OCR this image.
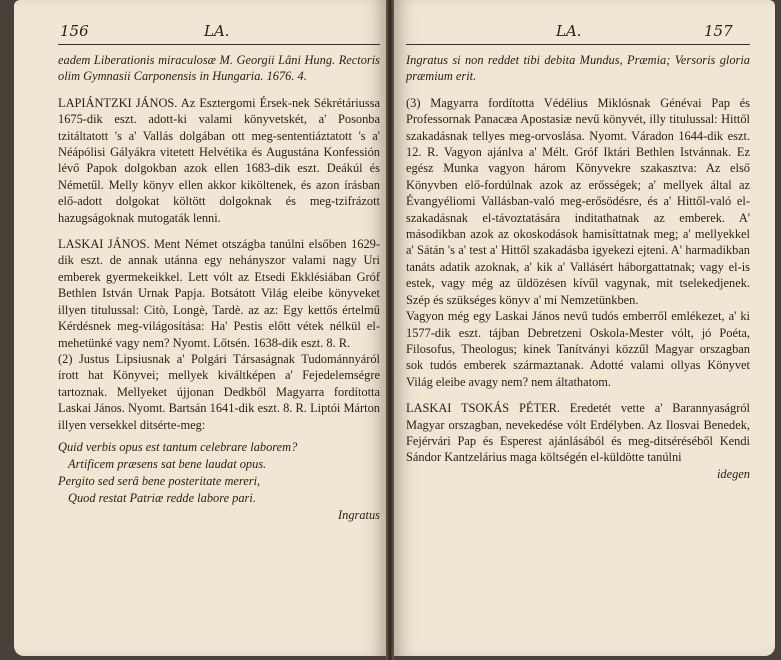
156	LA.

eadem Liberationis miraculosæ M. Georgii Lâni Hung. Rectoris olim Gymnasii Carponensis in Hungaria. 1676. 4.

LAPIÁNTZKI JÁNOS. Az Esztergomi Érsek-nek Sékrétáriussa 1675-dik eszt. adott-ki valami könyvetskét, a' Posonba tzitáltatott 's a' Vallás dolgában ott meg-sententiáztatott 's a' Néápólisi Gályákra vitetett Helvétika és Augustána Konfessión lévő Papok dolgokban azok ellen 1683-dik eszt. Deákúl és Németűl. Melly könyv ellen akkor kiköltenek, és azon írásban elő-adott dolgokat költött dolgoknak és meg-tzifrázott hazugságoknak mutogaták lenni.

LASKAI JÁNOS. Ment Német otszágba tanúlni elsőben 1629-dik eszt. de annak utánna egy nehányszor valami nagy Uri emberek gyermekeikkel. Lett vólt az Etsedi Ekklésiában Gróf Bethlen István Urnak Papja. Botsátott Világ eleibe könyveket illyen titulussal: Citò, Longè, Tardè. az az: Egy kettős értelmű Kérdésnek meg-világosítása: Ha' Pestis előtt vétek nélkül el-mehetünké vagy nem? Nyomt. Lőtsén. 1638-dik eszt. 8. R.

(2) Justus Lipsiusnak a' Polgári Társaságnak Tudománnyáról írott hat Könyvei; mellyek kiváltképen a' Fejedelemségre tartoznak. Mellyeket újjonan Dedkből Magyarra fordította Laskai János. Nyomt. Bartsán 1641-dik eszt. 8. R. Liptói Márton illyen versekkel ditsérte-meg:

Quid verbis opus est tantum celebrare laborem?

Artificem præsens sat bene laudat opus.

Pergito sed serâ bene posteritate mereri,

Quod restat Patriæ redde labore pari.

Ingratus

LA.	157

Ingratus si non reddet tibi debita Mundus, Præmia; Versoris gloria præmium erit.

(3) Magyarra fordította Védélius Miklósnak Génévai Pap és Professornak Panacæa Apostasiæ nevű könyvét, illy titulussal: Hittől szakadásnak tellyes meg-orvoslása. Nyomt. Váradon 1644-dik eszt. 12. R. Vagyon ajánlva a' Mélt. Gróf Iktári Bethlen Istvánnak. Ez egész Munka vagyon három Könyvekre szakasztva: Az első Könyvben elő-fordúlnak azok az erősségek; a' mellyek által az Évangyéliomi Vallásban-való meg-erősödésre, és a' Hittől-való el-szakadásnak el-távoztatására inditathatnak az emberek. A' másodikban azok az okoskodások hamisíttatnak meg; a' mellyekkel a' Sátán 's a' test a' Hittől szakadásba igyekezi ejteni. A' harmadikban tanáts adatik azoknak, a' kik a' Vallásért háborgattatnak; vagy el-is estek, vagy még az üldözésen kívűl vagynak, mit tselekedjenek. Szép és szükséges könyv a' mi Nemzetünkben.

Vagyon még egy Laskai János nevű tudós emberről emlékezet, a' ki 1577-dik eszt. tájban Debretzeni Oskola-Mester vólt, jó Poéta, Filosofus, Theologus; kinek Tanítványi közzűl Magyar orszagban sok tudós emberek származtanak. Adotté valami ollyas Könyvet Világ eleibe avagy nem? nem áltathatom.

LASKAI TSOKÁS PÉTER. Eredetét vette a' Barannyaságról Magyar orszagban, nevekedése vólt Erdélyben. Az Ilosvai Benedek, Fejérvári Pap és Esperest ajánlásából és meg-ditséréséből Kendi Sándor Kantzelárius maga költségén el-küldötte tanúlni

idegen
